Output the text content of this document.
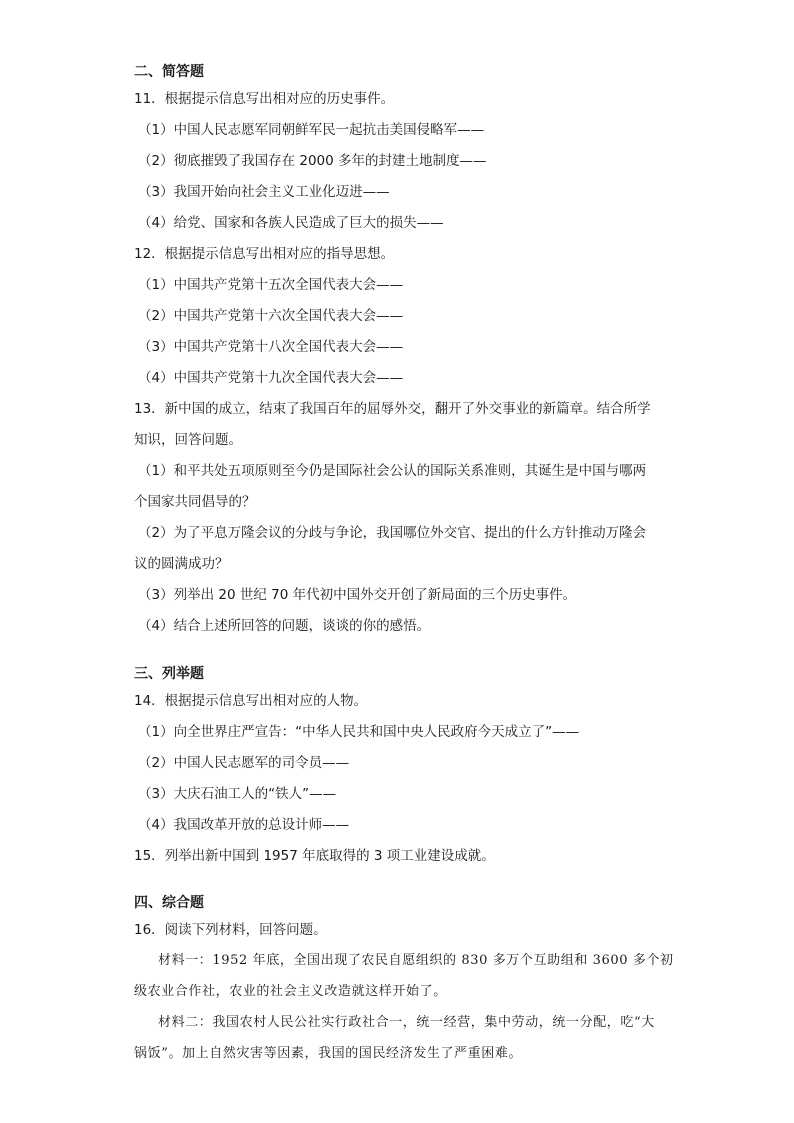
二、简答题
11．根据提示信息写出相对应的历史事件。
（1）中国人民志愿军同朝鲜军民一起抗击美国侵略军——
（2）彻底摧毁了我国存在 2000 多年的封建土地制度——
（3）我国开始向社会主义工业化迈进——
（4）给党、国家和各族人民造成了巨大的损失——
12．根据提示信息写出相对应的指导思想。
（1）中国共产党第十五次全国代表大会——
（2）中国共产党第十六次全国代表大会——
（3）中国共产党第十八次全国代表大会——
（4）中国共产党第十九次全国代表大会——
13．新中国的成立，结束了我国百年的屈辱外交，翻开了外交事业的新篇章。结合所学
知识，回答问题。
（1）和平共处五项原则至今仍是国际社会公认的国际关系准则，其诞生是中国与哪两
个国家共同倡导的？
（2）为了平息万隆会议的分歧与争论，我国哪位外交官、提出的什么方针推动万隆会
议的圆满成功？
（3）列举出 20 世纪 70 年代初中国外交开创了新局面的三个历史事件。
（4）结合上述所回答的问题，谈谈的你的感悟。
三、列举题
14．根据提示信息写出相对应的人物。
（1）向全世界庄严宣告：“中华人民共和国中央人民政府今天成立了”——
（2）中国人民志愿军的司令员——
（3）大庆石油工人的“铁人”——
（4）我国改革开放的总设计师——
15．列举出新中国到 1957 年底取得的 3 项工业建设成就。
四、综合题
16．阅读下列材料，回答问题。
材料一：1952 年底，全国出现了农民自愿组织的 830 多万个互助组和 3600 多个初
级农业合作社，农业的社会主义改造就这样开始了。
材料二：我国农村人民公社实行政社合一，统一经营，集中劳动，统一分配，吃“大
锅饭”。加上自然灾害等因素，我国的国民经济发生了严重困难。
